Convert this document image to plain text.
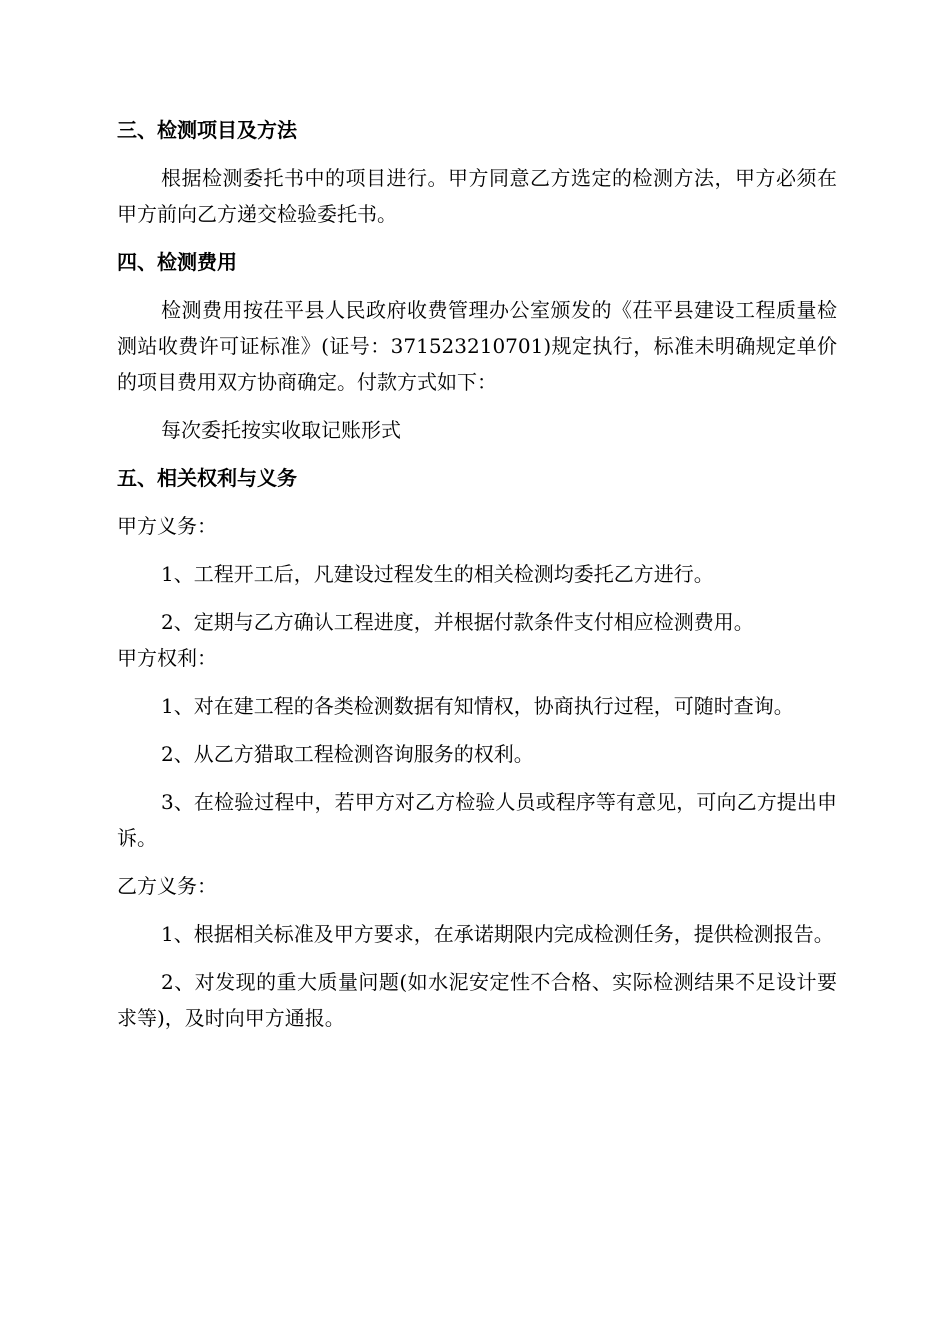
三、检测项目及方法

根据检测委托书中的项目进行。甲方同意乙方选定的检测方法，甲方必须在甲方前向乙方递交检验委托书。

四、检测费用

检测费用按茌平县人民政府收费管理办公室颁发的《茌平县建设工程质量检测站收费许可证标准》(证号：371523210701)规定执行，标准未明确规定单价的项目费用双方协商确定。付款方式如下：

每次委托按实收取记账形式

五、相关权利与义务

甲方义务：

1、工程开工后，凡建设过程发生的相关检测均委托乙方进行。

2、定期与乙方确认工程进度，并根据付款条件支付相应检测费用。

甲方权利：

1、对在建工程的各类检测数据有知情权，协商执行过程，可随时查询。

2、从乙方猎取工程检测咨询服务的权利。

3、在检验过程中，若甲方对乙方检验人员或程序等有意见，可向乙方提出申诉。

乙方义务：

1、根据相关标准及甲方要求，在承诺期限内完成检测任务，提供检测报告。

2、对发现的重大质量问题(如水泥安定性不合格、实际检测结果不足设计要求等)，及时向甲方通报。
